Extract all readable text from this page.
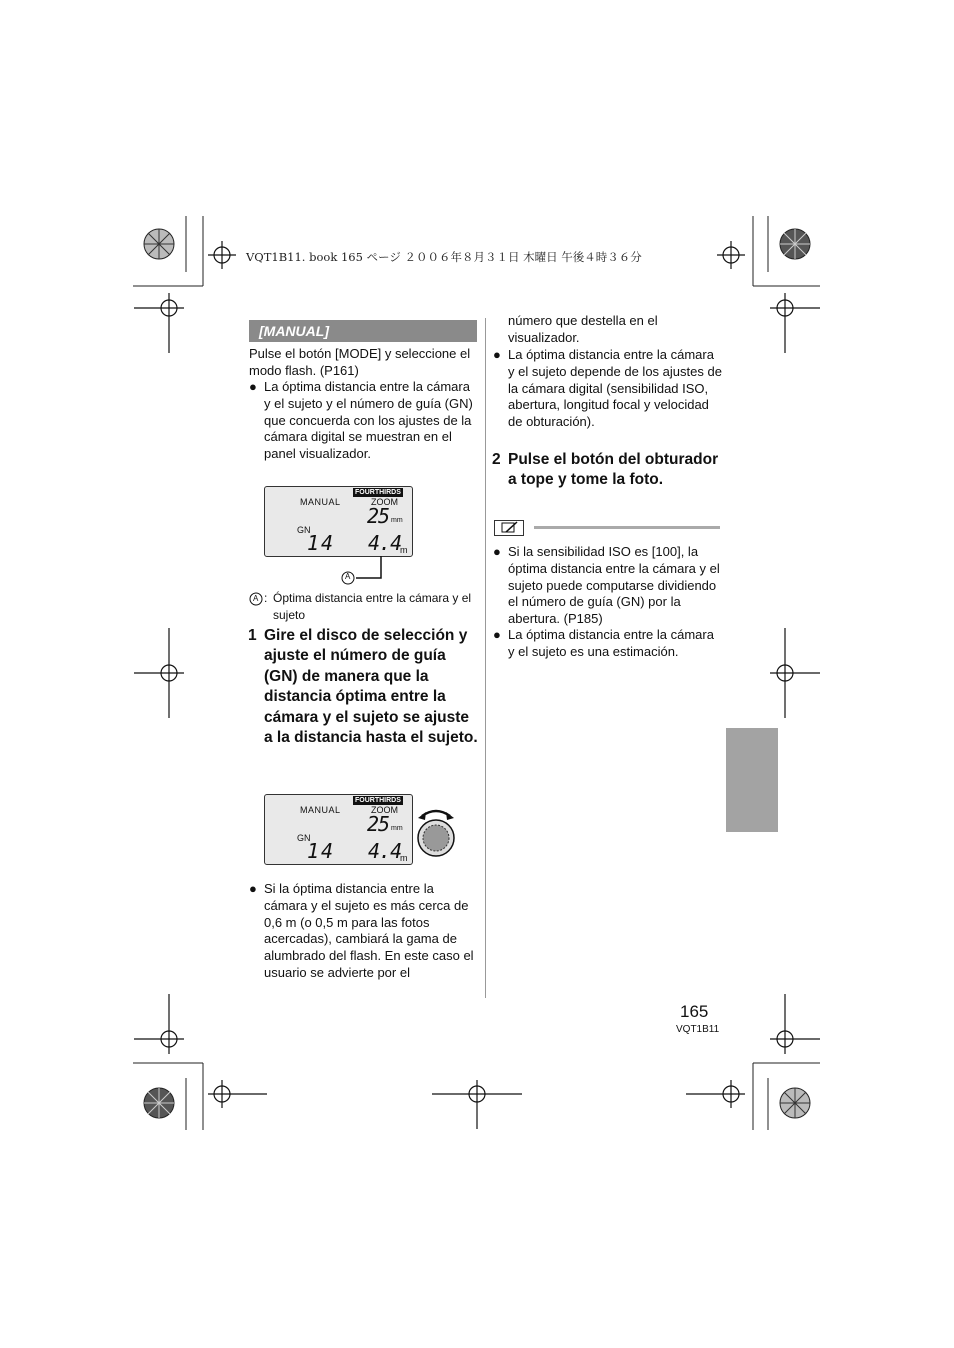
VQT1B11. book 165 ページ ２００６年８月３１日 木曜日 午後４時３６分
[MANUAL]
Pulse el botón [MODE] y seleccione el modo flash. (P161)
● La óptima distancia entre la cámara y el sujeto y el número de guía (GN) que concuerda con los ajustes de la cámara digital se muestran en el panel visualizador.
FOURTHIRDS
MANUAL	ZOOM
25 mm
GN
14 4.4
m
A
A : Óptima distancia entre la cámara y el sujeto
1 Gire el disco de selección y ajuste el número de guía (GN) de manera que la distancia óptima entre la cámara y el sujeto se ajuste a la distancia hasta el sujeto.
FOURTHIRDS
MANUAL	ZOOM
25 mm
GN
14 4.4
m
● Si la óptima distancia entre la cámara y el sujeto es más cerca de 0,6 m (o 0,5 m para las fotos acercadas), cambiará la gama de alumbrado del flash. En este caso el usuario se advierte por el
número que destella en el visualizador.
● La óptima distancia entre la cámara y el sujeto depende de los ajustes de la cámara digital (sensibilidad ISO, abertura, longitud focal y velocidad de obturación).
2 Pulse el botón del obturador a tope y tome la foto.
● Si la sensibilidad ISO es [100], la óptima distancia entre la cámara y el sujeto puede computarse dividiendo el número de guía (GN) por la abertura. (P185)
● La óptima distancia entre la cámara y el sujeto es una estimación.
165
VQT1B11
